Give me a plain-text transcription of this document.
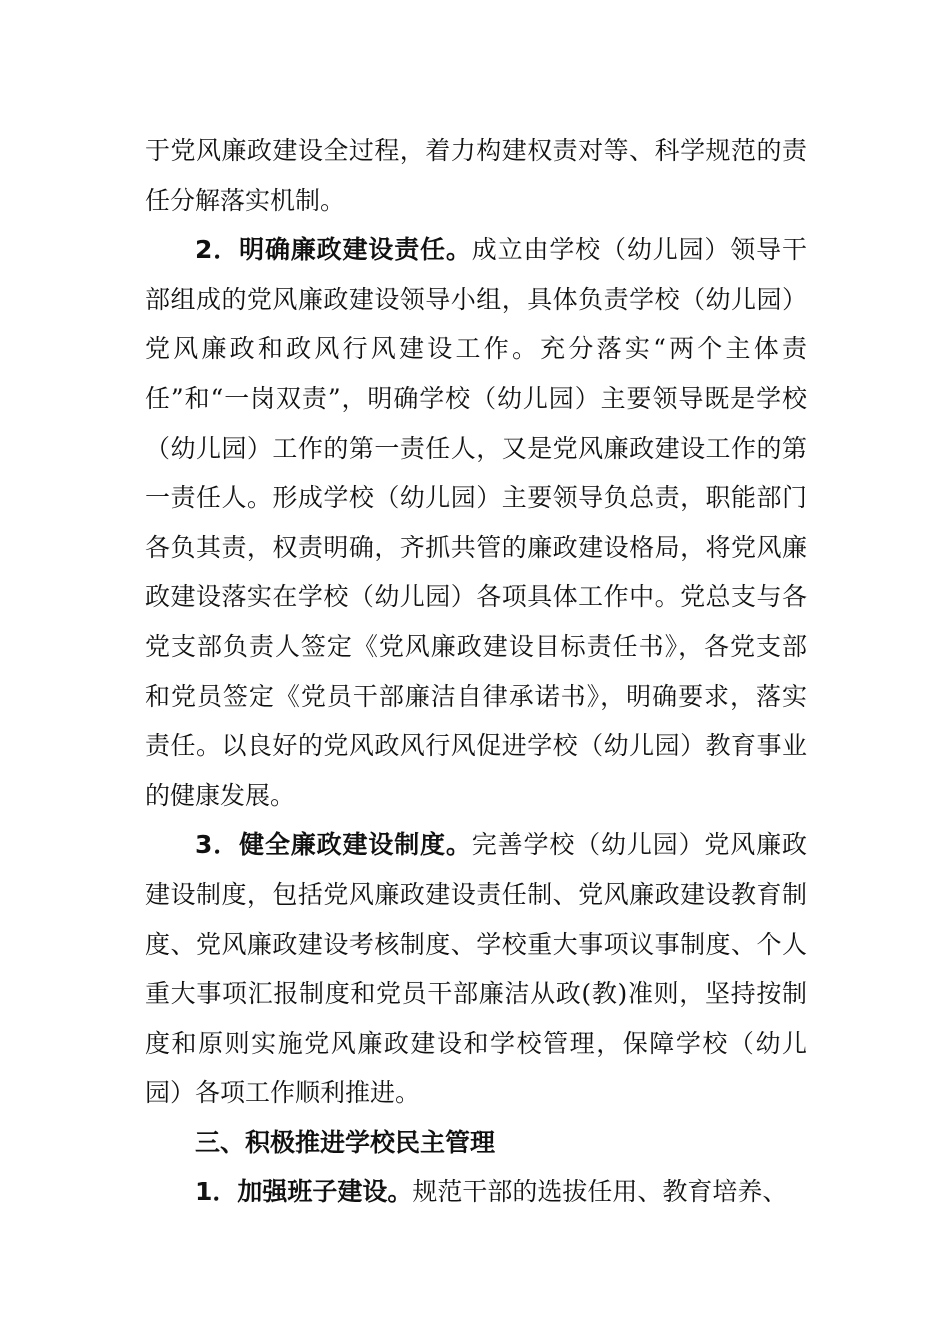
于党风廉政建设全过程，着力构建权责对等、科学规范的责任分解落实机制。

2．明确廉政建设责任。成立由学校（幼儿园）领导干部组成的党风廉政建设领导小组，具体负责学校（幼儿园）党风廉政和政风行风建设工作。充分落实“两个主体责任”和“一岗双责”，明确学校（幼儿园）主要领导既是学校（幼儿园）工作的第一责任人，又是党风廉政建设工作的第一责任人。形成学校（幼儿园）主要领导负总责，职能部门各负其责，权责明确，齐抓共管的廉政建设格局，将党风廉政建设落实在学校（幼儿园）各项具体工作中。党总支与各党支部负责人签定《党风廉政建设目标责任书》，各党支部和党员签定《党员干部廉洁自律承诺书》，明确要求，落实责任。以良好的党风政风行风促进学校（幼儿园）教育事业的健康发展。

3．健全廉政建设制度。完善学校（幼儿园）党风廉政建设制度，包括党风廉政建设责任制、党风廉政建设教育制度、党风廉政建设考核制度、学校重大事项议事制度、个人重大事项汇报制度和党员干部廉洁从政(教)准则，坚持按制度和原则实施党风廉政建设和学校管理，保障学校（幼儿园）各项工作顺利推进。

三、积极推进学校民主管理

1．加强班子建设。规范干部的选拔任用、教育培养、
